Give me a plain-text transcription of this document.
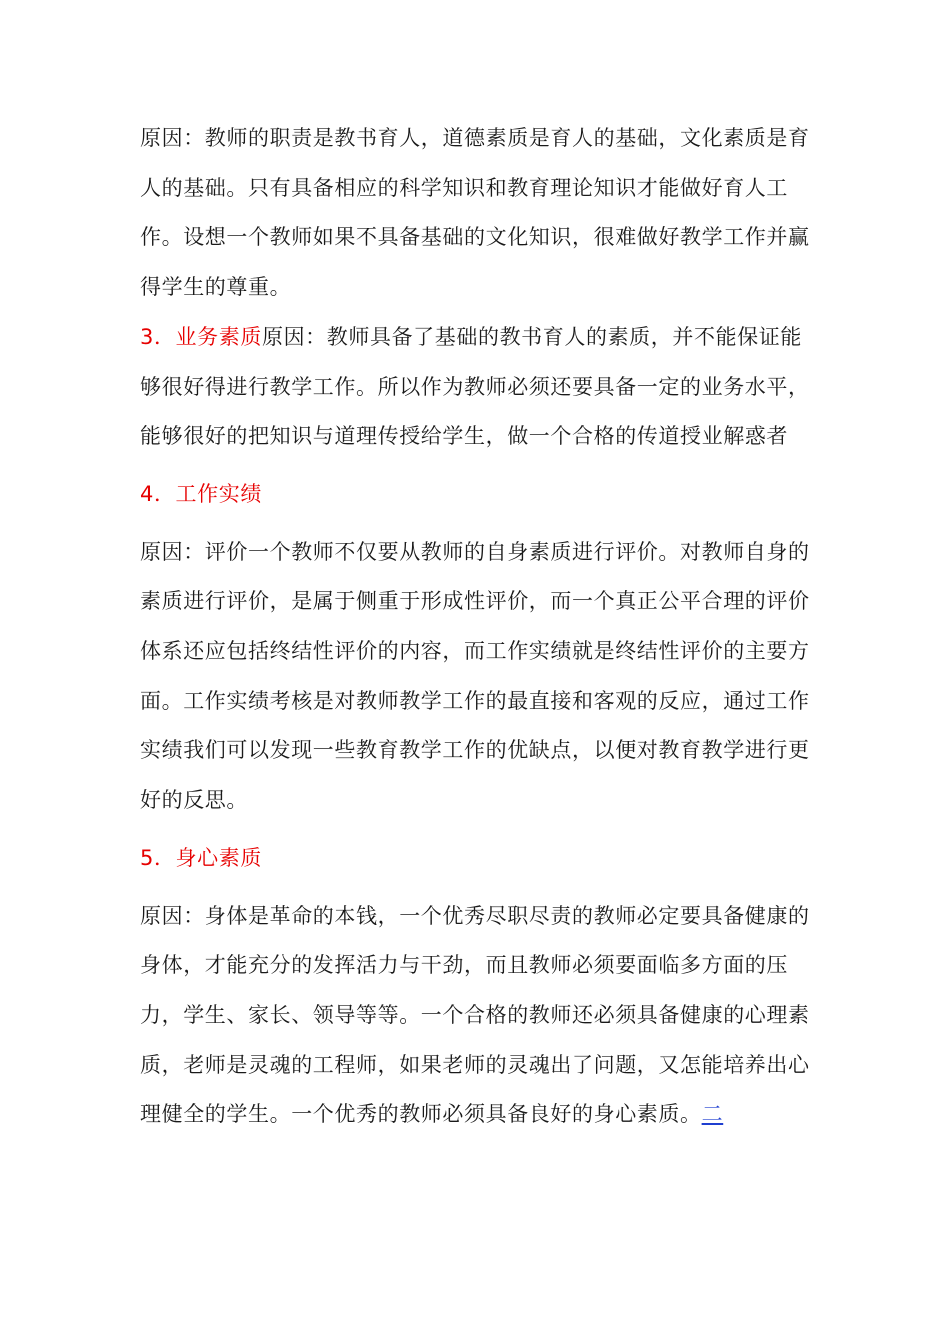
原因：教师的职责是教书育人，道德素质是育人的基础，文化素质是育人的基础。只有具备相应的科学知识和教育理论知识才能做好育人工作。设想一个教师如果不具备基础的文化知识，很难做好教学工作并赢得学生的尊重。

3．业务素质原因：教师具备了基础的教书育人的素质，并不能保证能够很好得进行教学工作。所以作为教师必须还要具备一定的业务水平，能够很好的把知识与道理传授给学生，做一个合格的传道授业解惑者

4．工作实绩

原因：评价一个教师不仅要从教师的自身素质进行评价。对教师自身的素质进行评价，是属于侧重于形成性评价，而一个真正公平合理的评价体系还应包括终结性评价的内容，而工作实绩就是终结性评价的主要方面。工作实绩考核是对教师教学工作的最直接和客观的反应，通过工作实绩我们可以发现一些教育教学工作的优缺点，以便对教育教学进行更好的反思。

5．身心素质

原因：身体是革命的本钱，一个优秀尽职尽责的教师必定要具备健康的身体，才能充分的发挥活力与干劲，而且教师必须要面临多方面的压力，学生、家长、领导等等。一个合格的教师还必须具备健康的心理素质，老师是灵魂的工程师，如果老师的灵魂出了问题，又怎能培养出心理健全的学生。一个优秀的教师必须具备良好的身心素质。二
